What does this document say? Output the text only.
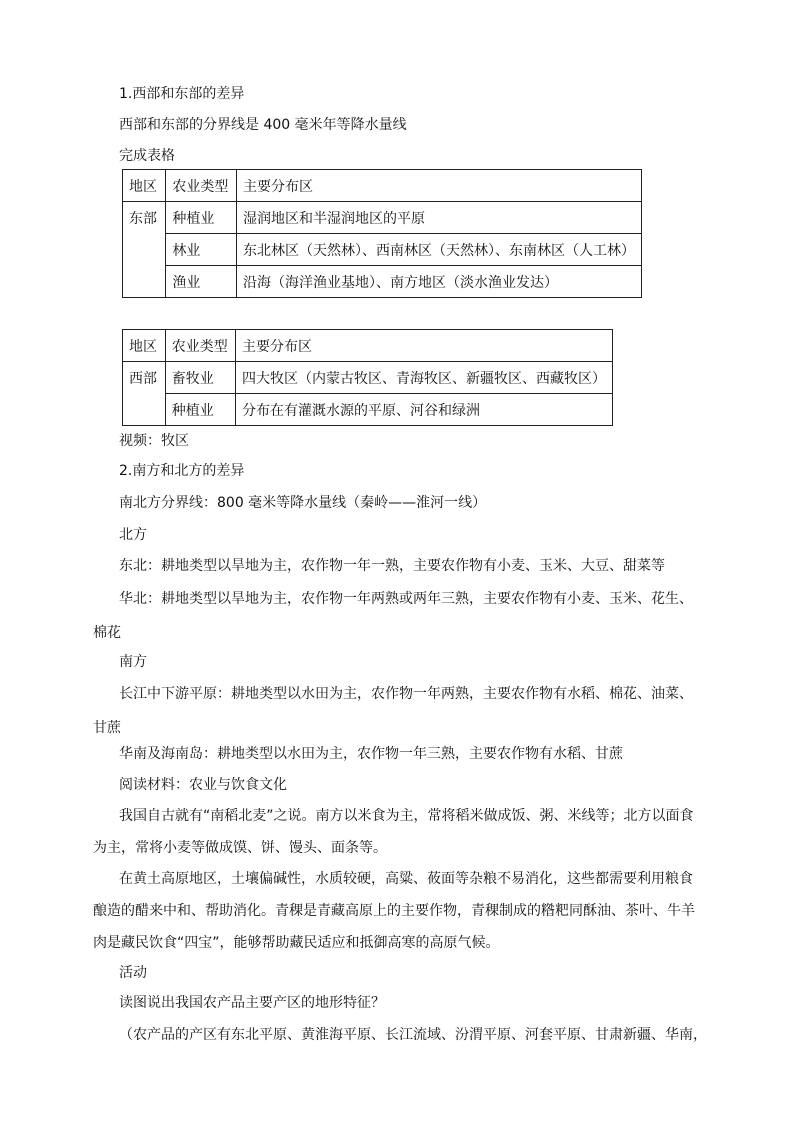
1.西部和东部的差异
西部和东部的分界线是 400 毫米年等降水量线
完成表格
地区	农业类型	主要分布区
东部	种植业	湿润地区和半湿润地区的平原
	林业	东北林区（天然林）、西南林区（天然林）、东南林区（人工林）
	渔业	沿海（海洋渔业基地）、南方地区（淡水渔业发达）
地区	农业类型	主要分布区
西部	畜牧业	四大牧区（内蒙古牧区、青海牧区、新疆牧区、西藏牧区）
	种植业	分布在有灌溉水源的平原、河谷和绿洲
视频：牧区
2.南方和北方的差异
南北方分界线：800 毫米等降水量线（秦岭——淮河一线）
北方
东北：耕地类型以旱地为主，农作物一年一熟，主要农作物有小麦、玉米、大豆、甜菜等
华北：耕地类型以旱地为主，农作物一年两熟或两年三熟，主要农作物有小麦、玉米、花生、棉花
南方
长江中下游平原：耕地类型以水田为主，农作物一年两熟，主要农作物有水稻、棉花、油菜、甘蔗
华南及海南岛：耕地类型以水田为主，农作物一年三熟，主要农作物有水稻、甘蔗
阅读材料：农业与饮食文化
我国自古就有“南稻北麦”之说。南方以米食为主，常将稻米做成饭、粥、米线等；北方以面食为主，常将小麦等做成馍、饼、馒头、面条等。
在黄土高原地区，土壤偏碱性，水质较硬，高粱、莜面等杂粮不易消化，这些都需要利用粮食酿造的醋来中和、帮助消化。青稞是青藏高原上的主要作物，青稞制成的糌粑同酥油、茶叶、牛羊肉是藏民饮食“四宝”，能够帮助藏民适应和抵御高寒的高原气候。
活动
读图说出我国农产品主要产区的地形特征？
（农产品的产区有东北平原、黄淮海平原、长江流域、汾渭平原、河套平原、甘肃新疆、华南，
